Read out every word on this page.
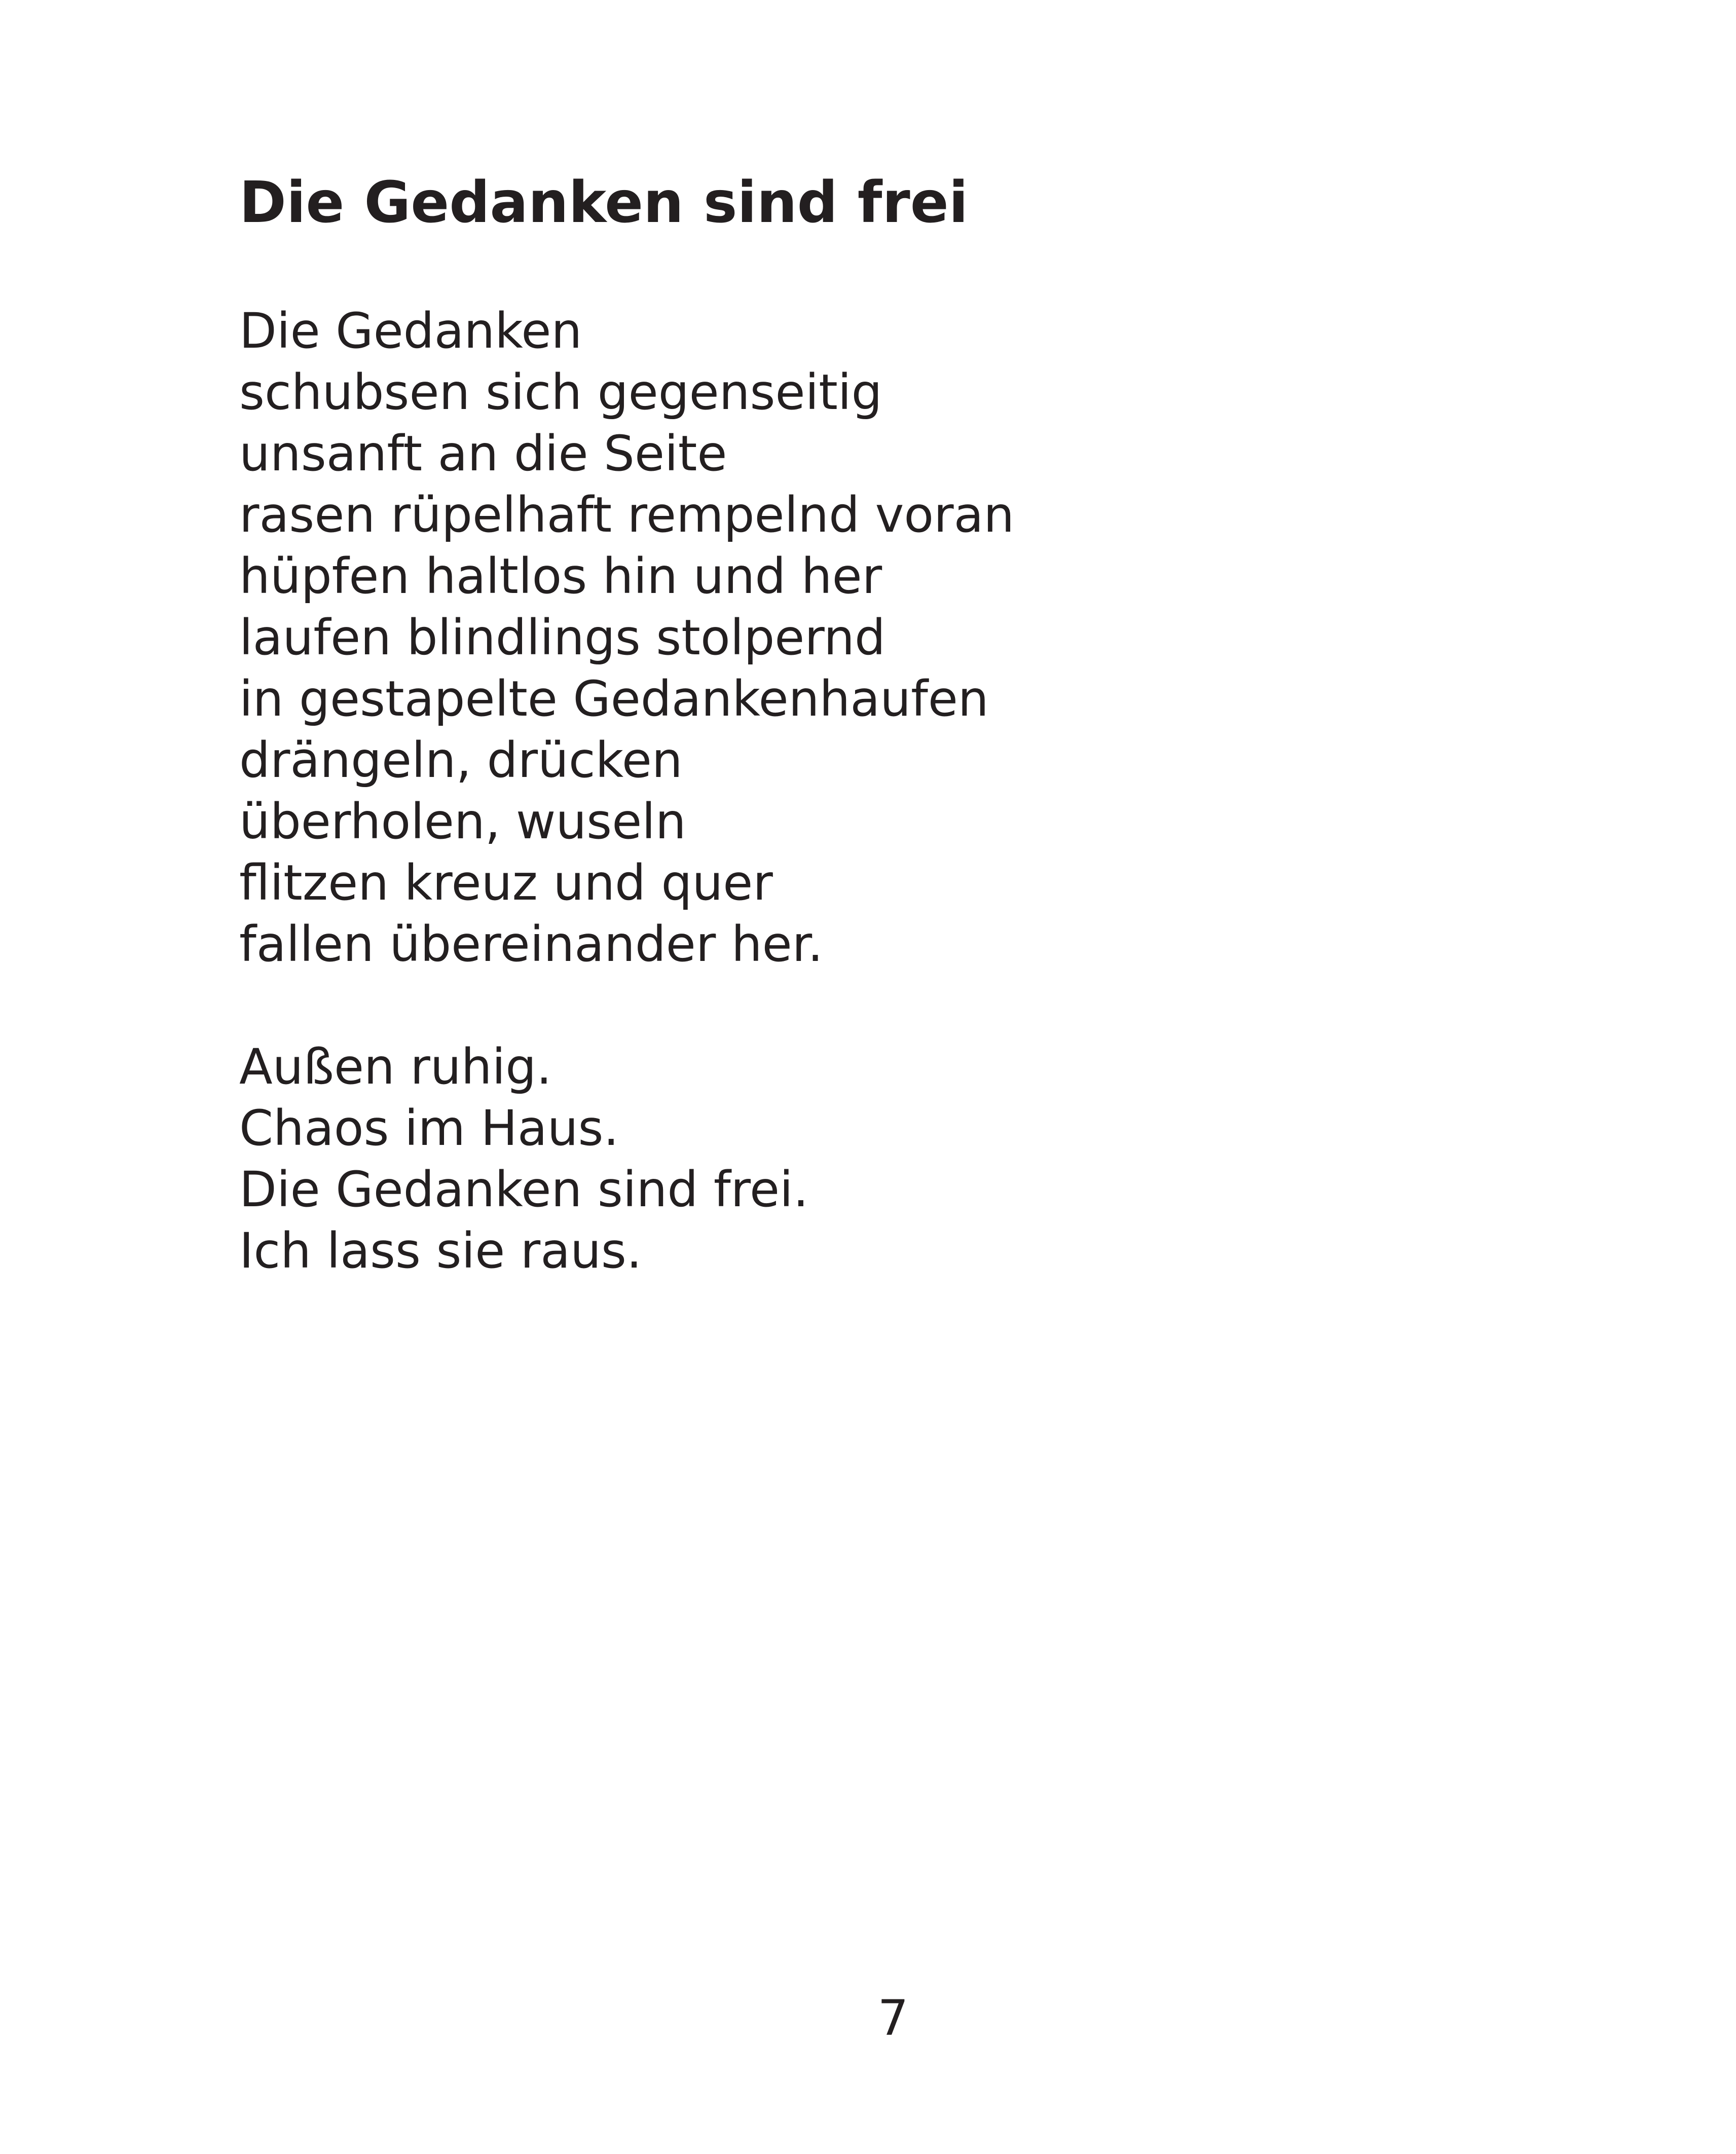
Die Gedanken sind frei
Die Gedanken
schubsen sich gegenseitig
unsanft an die Seite
rasen rüpelhaft rempelnd voran
hüpfen haltlos hin und her
laufen blindlings stolpernd
in gestapelte Gedankenhaufen
drängeln, drücken
überholen, wuseln
flitzen kreuz und quer
fallen übereinander her.
Außen ruhig.
Chaos im Haus.
Die Gedanken sind frei.
Ich lass sie raus.
7
